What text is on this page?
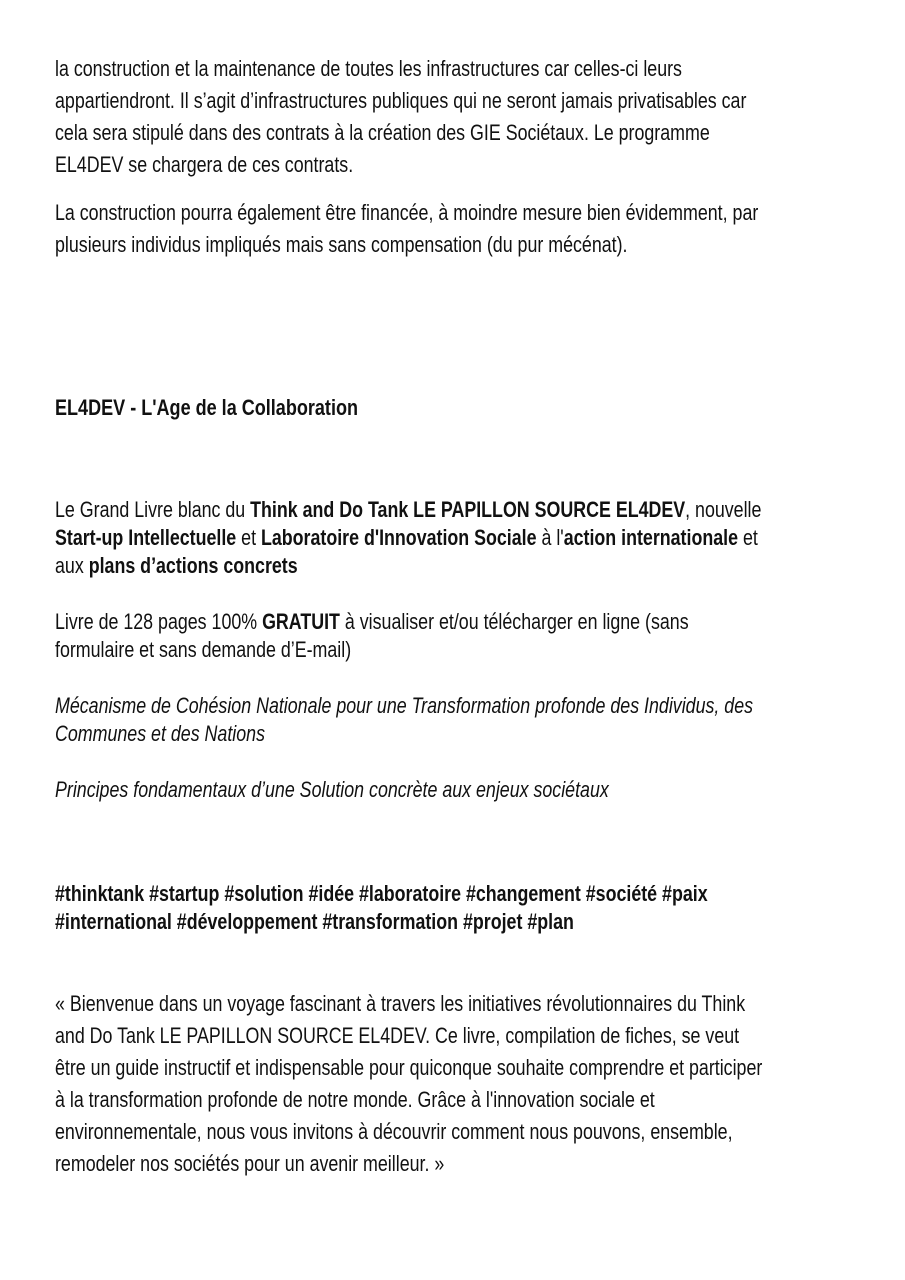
la construction et la maintenance de toutes les infrastructures car celles-ci leurs
appartiendront. Il s’agit d’infrastructures publiques qui ne seront jamais privatisables car
cela sera stipulé dans des contrats à la création des GIE Sociétaux. Le programme
EL4DEV se chargera de ces contrats.
La construction pourra également être financée, à moindre mesure bien évidemment, par
plusieurs individus impliqués mais sans compensation (du pur mécénat).
EL4DEV - L'Age de la Collaboration
Le Grand Livre blanc du Think and Do Tank LE PAPILLON SOURCE EL4DEV, nouvelle
Start-up Intellectuelle et Laboratoire d'Innovation Sociale à l'action internationale et
aux plans d’actions concrets
Livre de 128 pages 100% GRATUIT à visualiser et/ou télécharger en ligne (sans
formulaire et sans demande d’E-mail)
Mécanisme de Cohésion Nationale pour une Transformation profonde des Individus, des
Communes et des Nations
Principes fondamentaux d’une Solution concrète aux enjeux sociétaux
#thinktank #startup #solution #idée #laboratoire #changement #société #paix
#international #développement #transformation #projet #plan
« Bienvenue dans un voyage fascinant à travers les initiatives révolutionnaires du Think
and Do Tank LE PAPILLON SOURCE EL4DEV. Ce livre, compilation de fiches, se veut
être un guide instructif et indispensable pour quiconque souhaite comprendre et participer
à la transformation profonde de notre monde. Grâce à l'innovation sociale et
environnementale, nous vous invitons à découvrir comment nous pouvons, ensemble,
remodeler nos sociétés pour un avenir meilleur. »
